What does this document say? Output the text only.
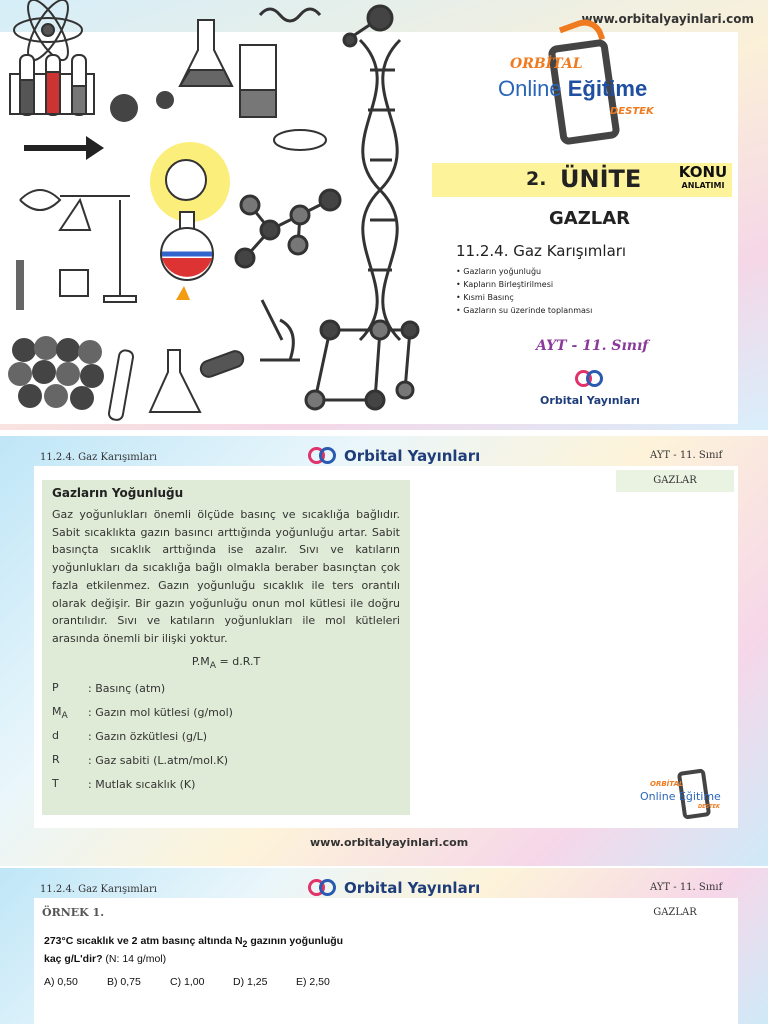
www.orbitalyayinlari.com
ORBİTAL
Online Eğitime
DESTEK
2. ÜNİTE	KONU
ANLATIMI
GAZLAR
11.2.4. Gaz Karışımları
• Gazların yoğunluğu
• Kapların Birleştirilmesi
• Kısmi Basınç
• Gazların su üzerinde toplanması
AYT - 11. Sınıf
Orbital Yayınları
11.2.4. Gaz Karışımları	Orbital Yayınları	AYT - 11. Sınıf
GAZLAR
Gazların Yoğunluğu

Gaz yoğunlukları önemli ölçüde basınç ve sıcaklığa bağlıdır. Sabit sıcaklıkta gazın basıncı arttığında yoğunluğu artar. Sabit basınçta sıcaklık arttığında ise azalır. Sıvı ve katıların yoğunlukları da sıcaklığa bağlı olmakla beraber basınçtan çok fazla etkilenmez. Gazın yoğunluğu sıcaklık ile ters orantılı olarak değişir. Bir gazın yoğunluğu onun mol kütlesi ile doğru orantılıdır. Sıvı ve katıların yoğunlukları ile mol kütleleri arasında önemli bir ilişki yoktur.

$P.M_A = d.R.T$
P	: Basınç (atm)
$M_A$	: Gazın mol kütlesi (g/mol)
d	: Gazın özkütlesi (g/L)
R	: Gaz sabiti (L.atm/mol.K)
T	: Mutlak sıcaklık (K)	ORBİTAL
Online Eğitime
DESTEK
www.orbitalyayinlari.com
11.2.4. Gaz Karışımları	Orbital Yayınları	AYT - 11. Sınıf
GAZLAR
ÖRNEK 1.
273°C sıcaklık ve 2 atm basınç altında $N_2$ gazının yoğunluğu kaç g/L'dir? (N: 14 g/mol)
A) 0,50	B) 0,75	C) 1,00	D) 1,25	E) 2,50
